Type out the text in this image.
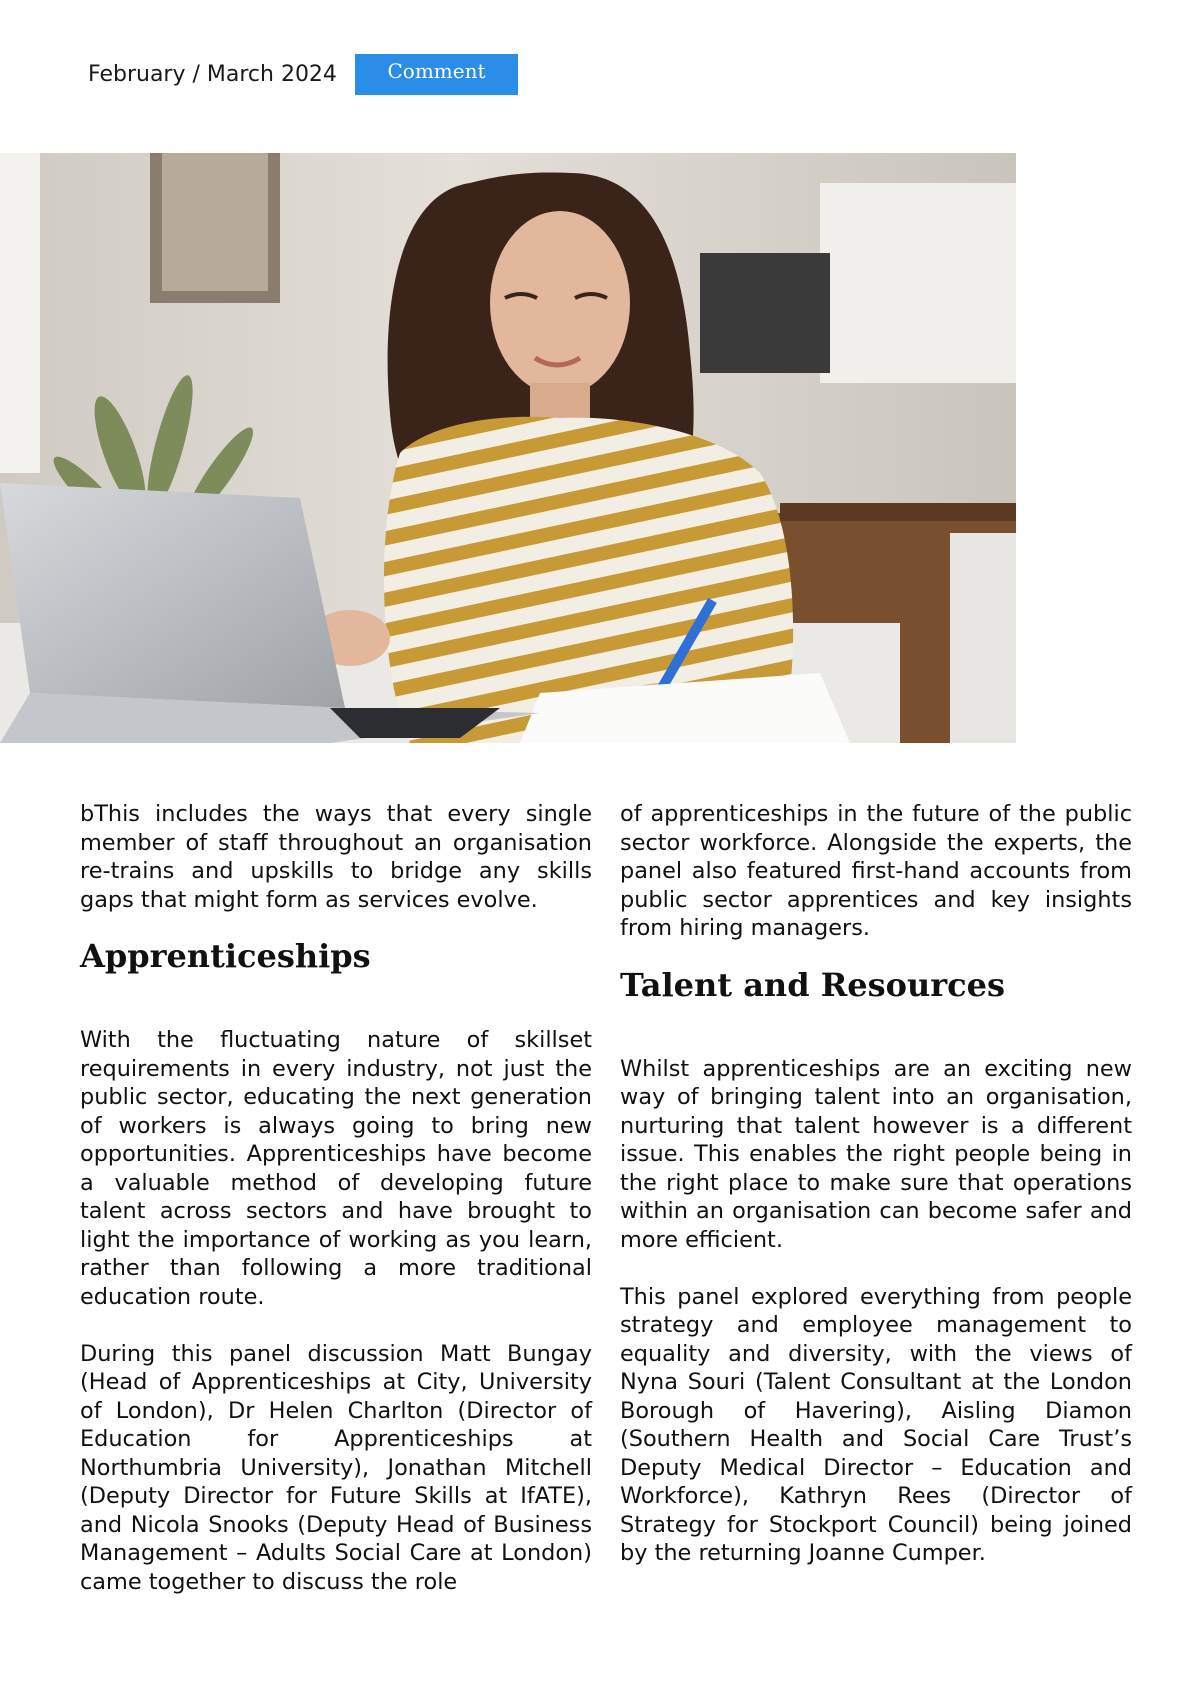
February / March 2024	Comment

bThis includes the ways that every single member of staff throughout an organisation re-trains and upskills to bridge any skills gaps that might form as services evolve.

Apprenticeships

With the fluctuating nature of skillset requirements in every industry, not just the public sector, educating the next generation of workers is always going to bring new opportunities. Apprenticeships have become a valuable method of developing future talent across sectors and have brought to light the importance of working as you learn, rather than following a more traditional education route.

During this panel discussion Matt Bungay (Head of Apprenticeships at City, University of London), Dr Helen Charlton (Director of Education for Apprenticeships at Northumbria University), Jonathan Mitchell (Deputy Director for Future Skills at IfATE), and Nicola Snooks (Deputy Head of Business Management – Adults Social Care at London) came together to discuss the role

of apprenticeships in the future of the public sector workforce. Alongside the experts, the panel also featured first-hand accounts from public sector apprentices and key insights from hiring managers.

Talent and Resources

Whilst apprenticeships are an exciting new way of bringing talent into an organisation, nurturing that talent however is a different issue. This enables the right people being in the right place to make sure that operations within an organisation can become safer and more efficient.

This panel explored everything from people strategy and employee management to equality and diversity, with the views of Nyna Souri (Talent Consultant at the London Borough of Havering), Aisling Diamon (Southern Health and Social Care Trust’s Deputy Medical Director – Education and Workforce), Kathryn Rees (Director of Strategy for Stockport Council) being joined by the returning Joanne Cumper.
